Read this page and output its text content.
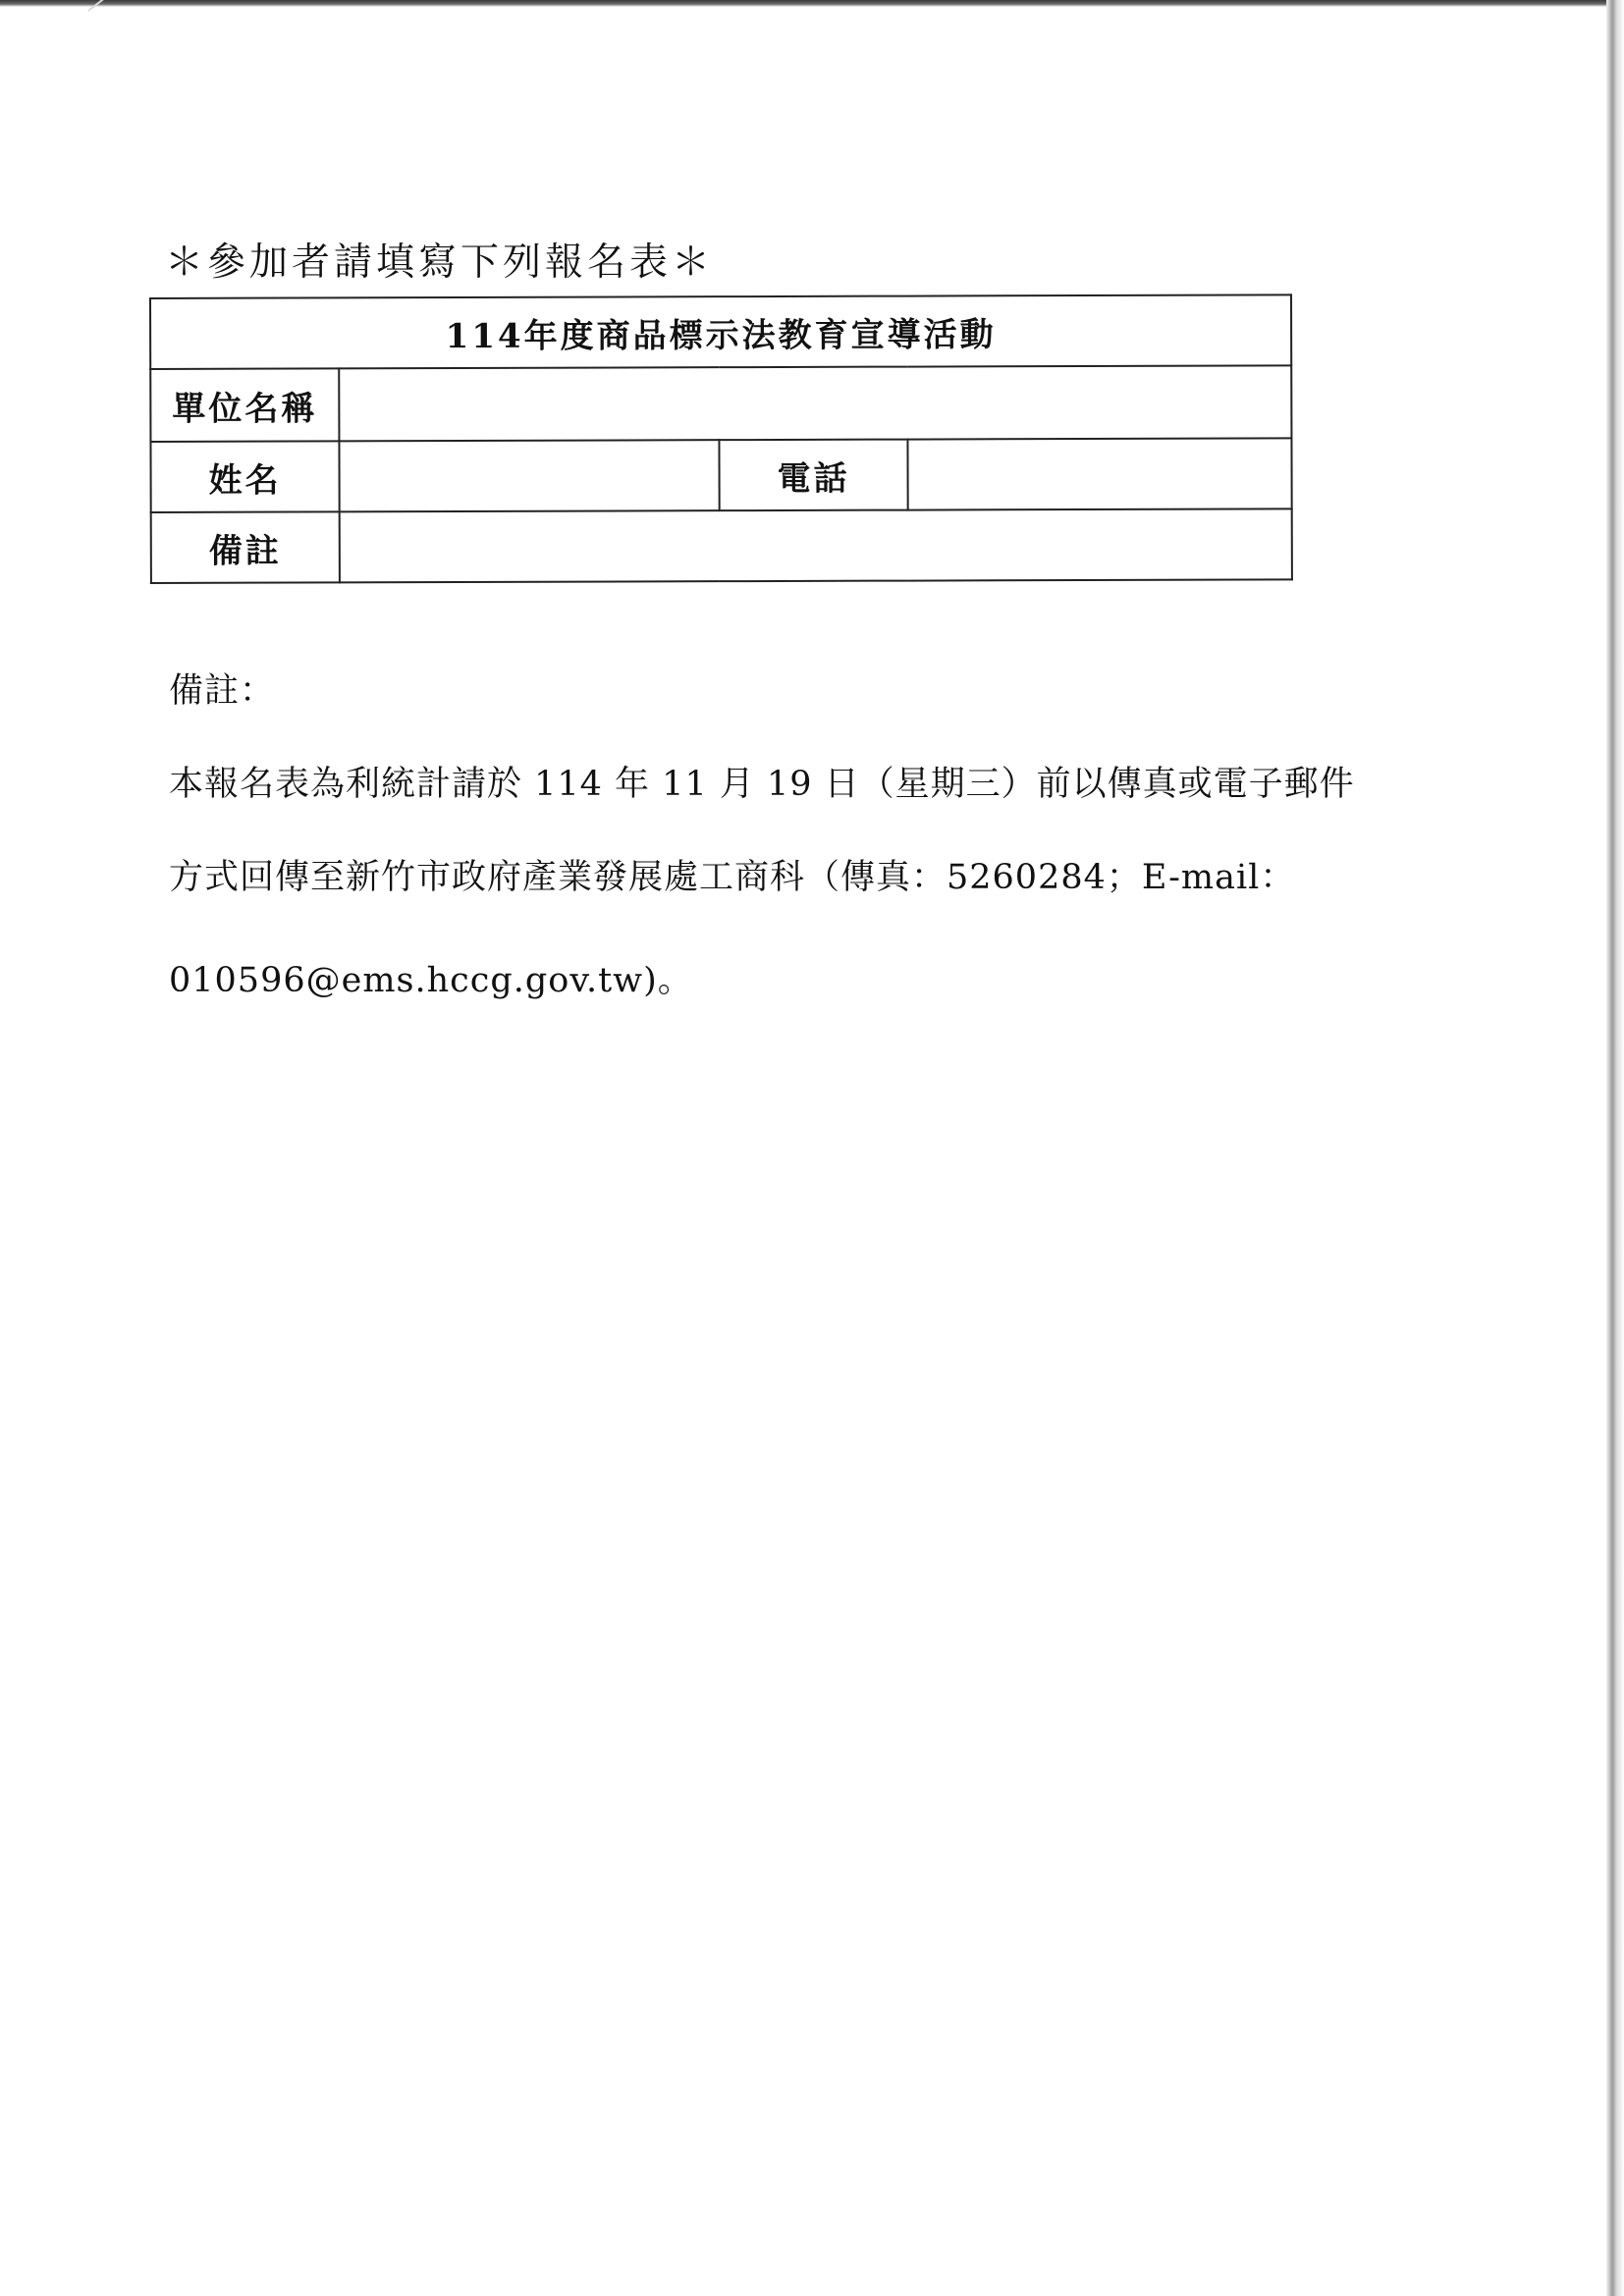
＊參加者請填寫下列報名表＊
114年度商品標示法教育宣導活動			
單位名稱			
姓名		電話	
備註			
備註：
本報名表為利統計請於 114 年 11 月 19 日（星期三）前以傳真或電子郵件
方式回傳至新竹市政府產業發展處工商科（傳真：5260284；E-mail：
010596@ems.hccg.gov.tw)。
